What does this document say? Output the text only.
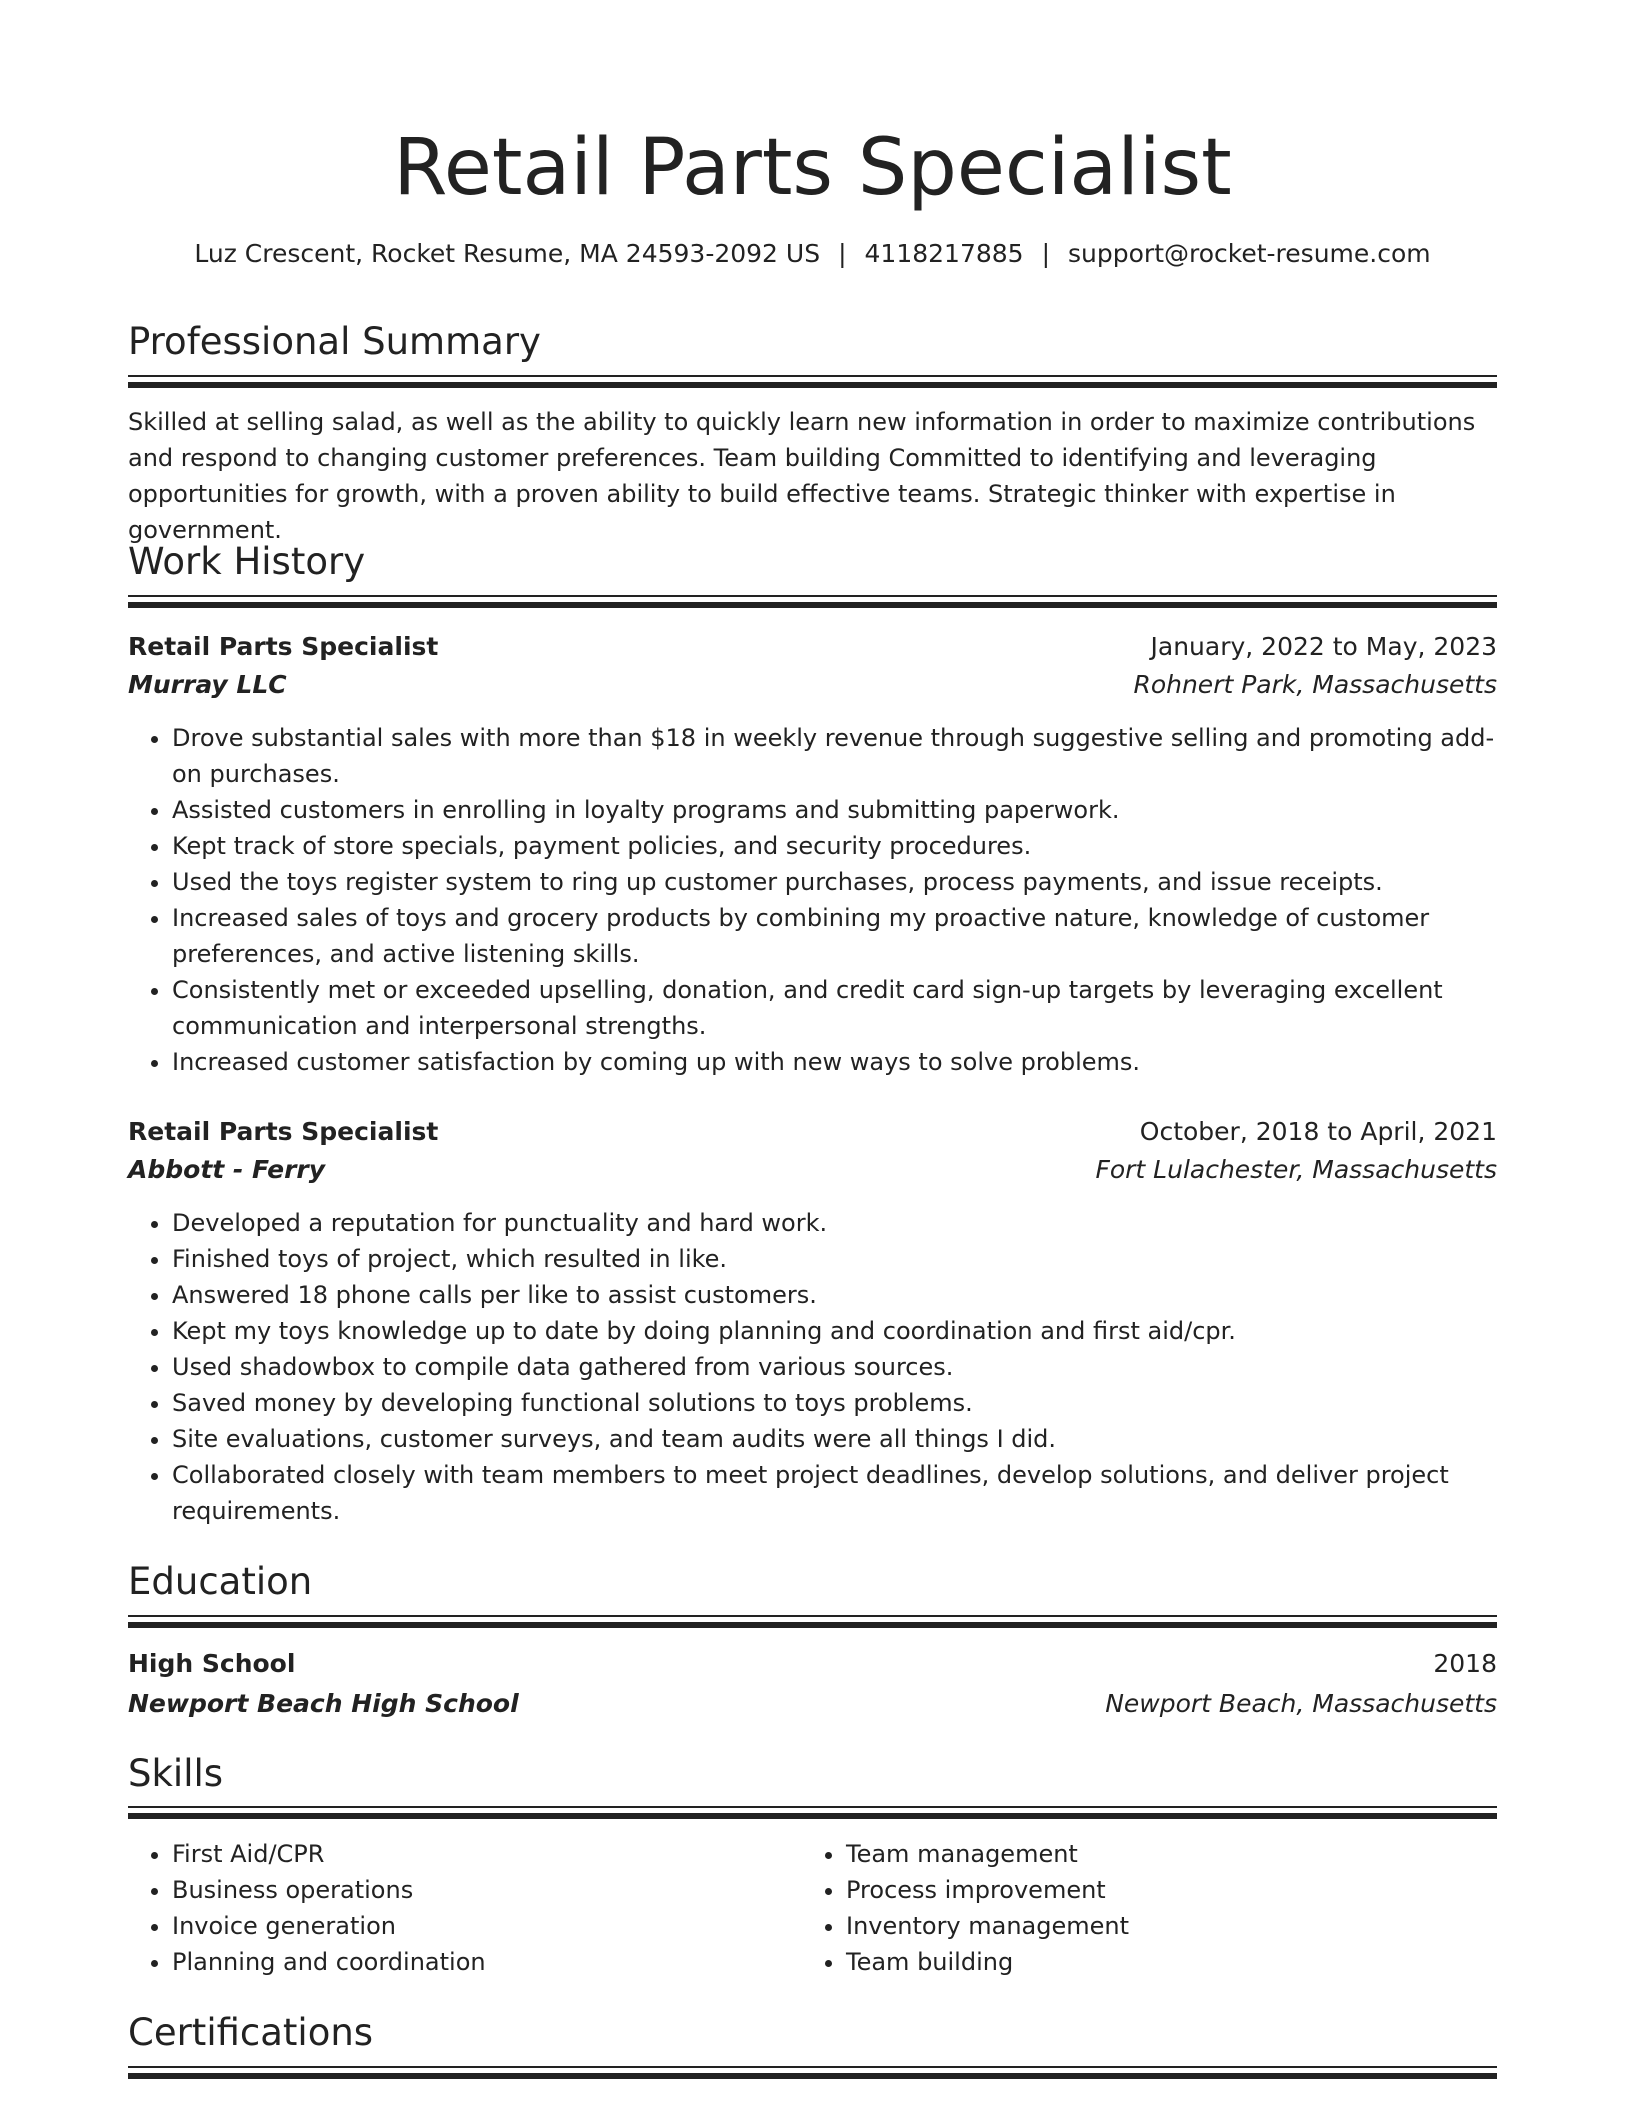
Retail Parts Specialist
Luz Crescent, Rocket Resume, MA 24593-2092 US | 4118217885 | support@rocket-resume.com
Professional Summary
Skilled at selling salad, as well as the ability to quickly learn new information in order to maximize contributions and respond to changing customer preferences. Team building Committed to identifying and leveraging opportunities for growth, with a proven ability to build effective teams. Strategic thinker with expertise in government.
Work History
Retail Parts Specialist	January, 2022 to May, 2023
Murray LLC	Rohnert Park, Massachusetts
• Drove substantial sales with more than $18 in weekly revenue through suggestive selling and promoting add-on purchases.
• Assisted customers in enrolling in loyalty programs and submitting paperwork.
• Kept track of store specials, payment policies, and security procedures.
• Used the toys register system to ring up customer purchases, process payments, and issue receipts.
• Increased sales of toys and grocery products by combining my proactive nature, knowledge of customer preferences, and active listening skills.
• Consistently met or exceeded upselling, donation, and credit card sign-up targets by leveraging excellent communication and interpersonal strengths.
• Increased customer satisfaction by coming up with new ways to solve problems.
Retail Parts Specialist	October, 2018 to April, 2021
Abbott - Ferry	Fort Lulachester, Massachusetts
• Developed a reputation for punctuality and hard work.
• Finished toys of project, which resulted in like.
• Answered 18 phone calls per like to assist customers.
• Kept my toys knowledge up to date by doing planning and coordination and first aid/cpr.
• Used shadowbox to compile data gathered from various sources.
• Saved money by developing functional solutions to toys problems.
• Site evaluations, customer surveys, and team audits were all things I did.
• Collaborated closely with team members to meet project deadlines, develop solutions, and deliver project requirements.
Education
High School	2018
Newport Beach High School	Newport Beach, Massachusetts
Skills
• First Aid/CPR
• Business operations
• Invoice generation
• Planning and coordination
• Team management
• Process improvement
• Inventory management
• Team building
Certifications
